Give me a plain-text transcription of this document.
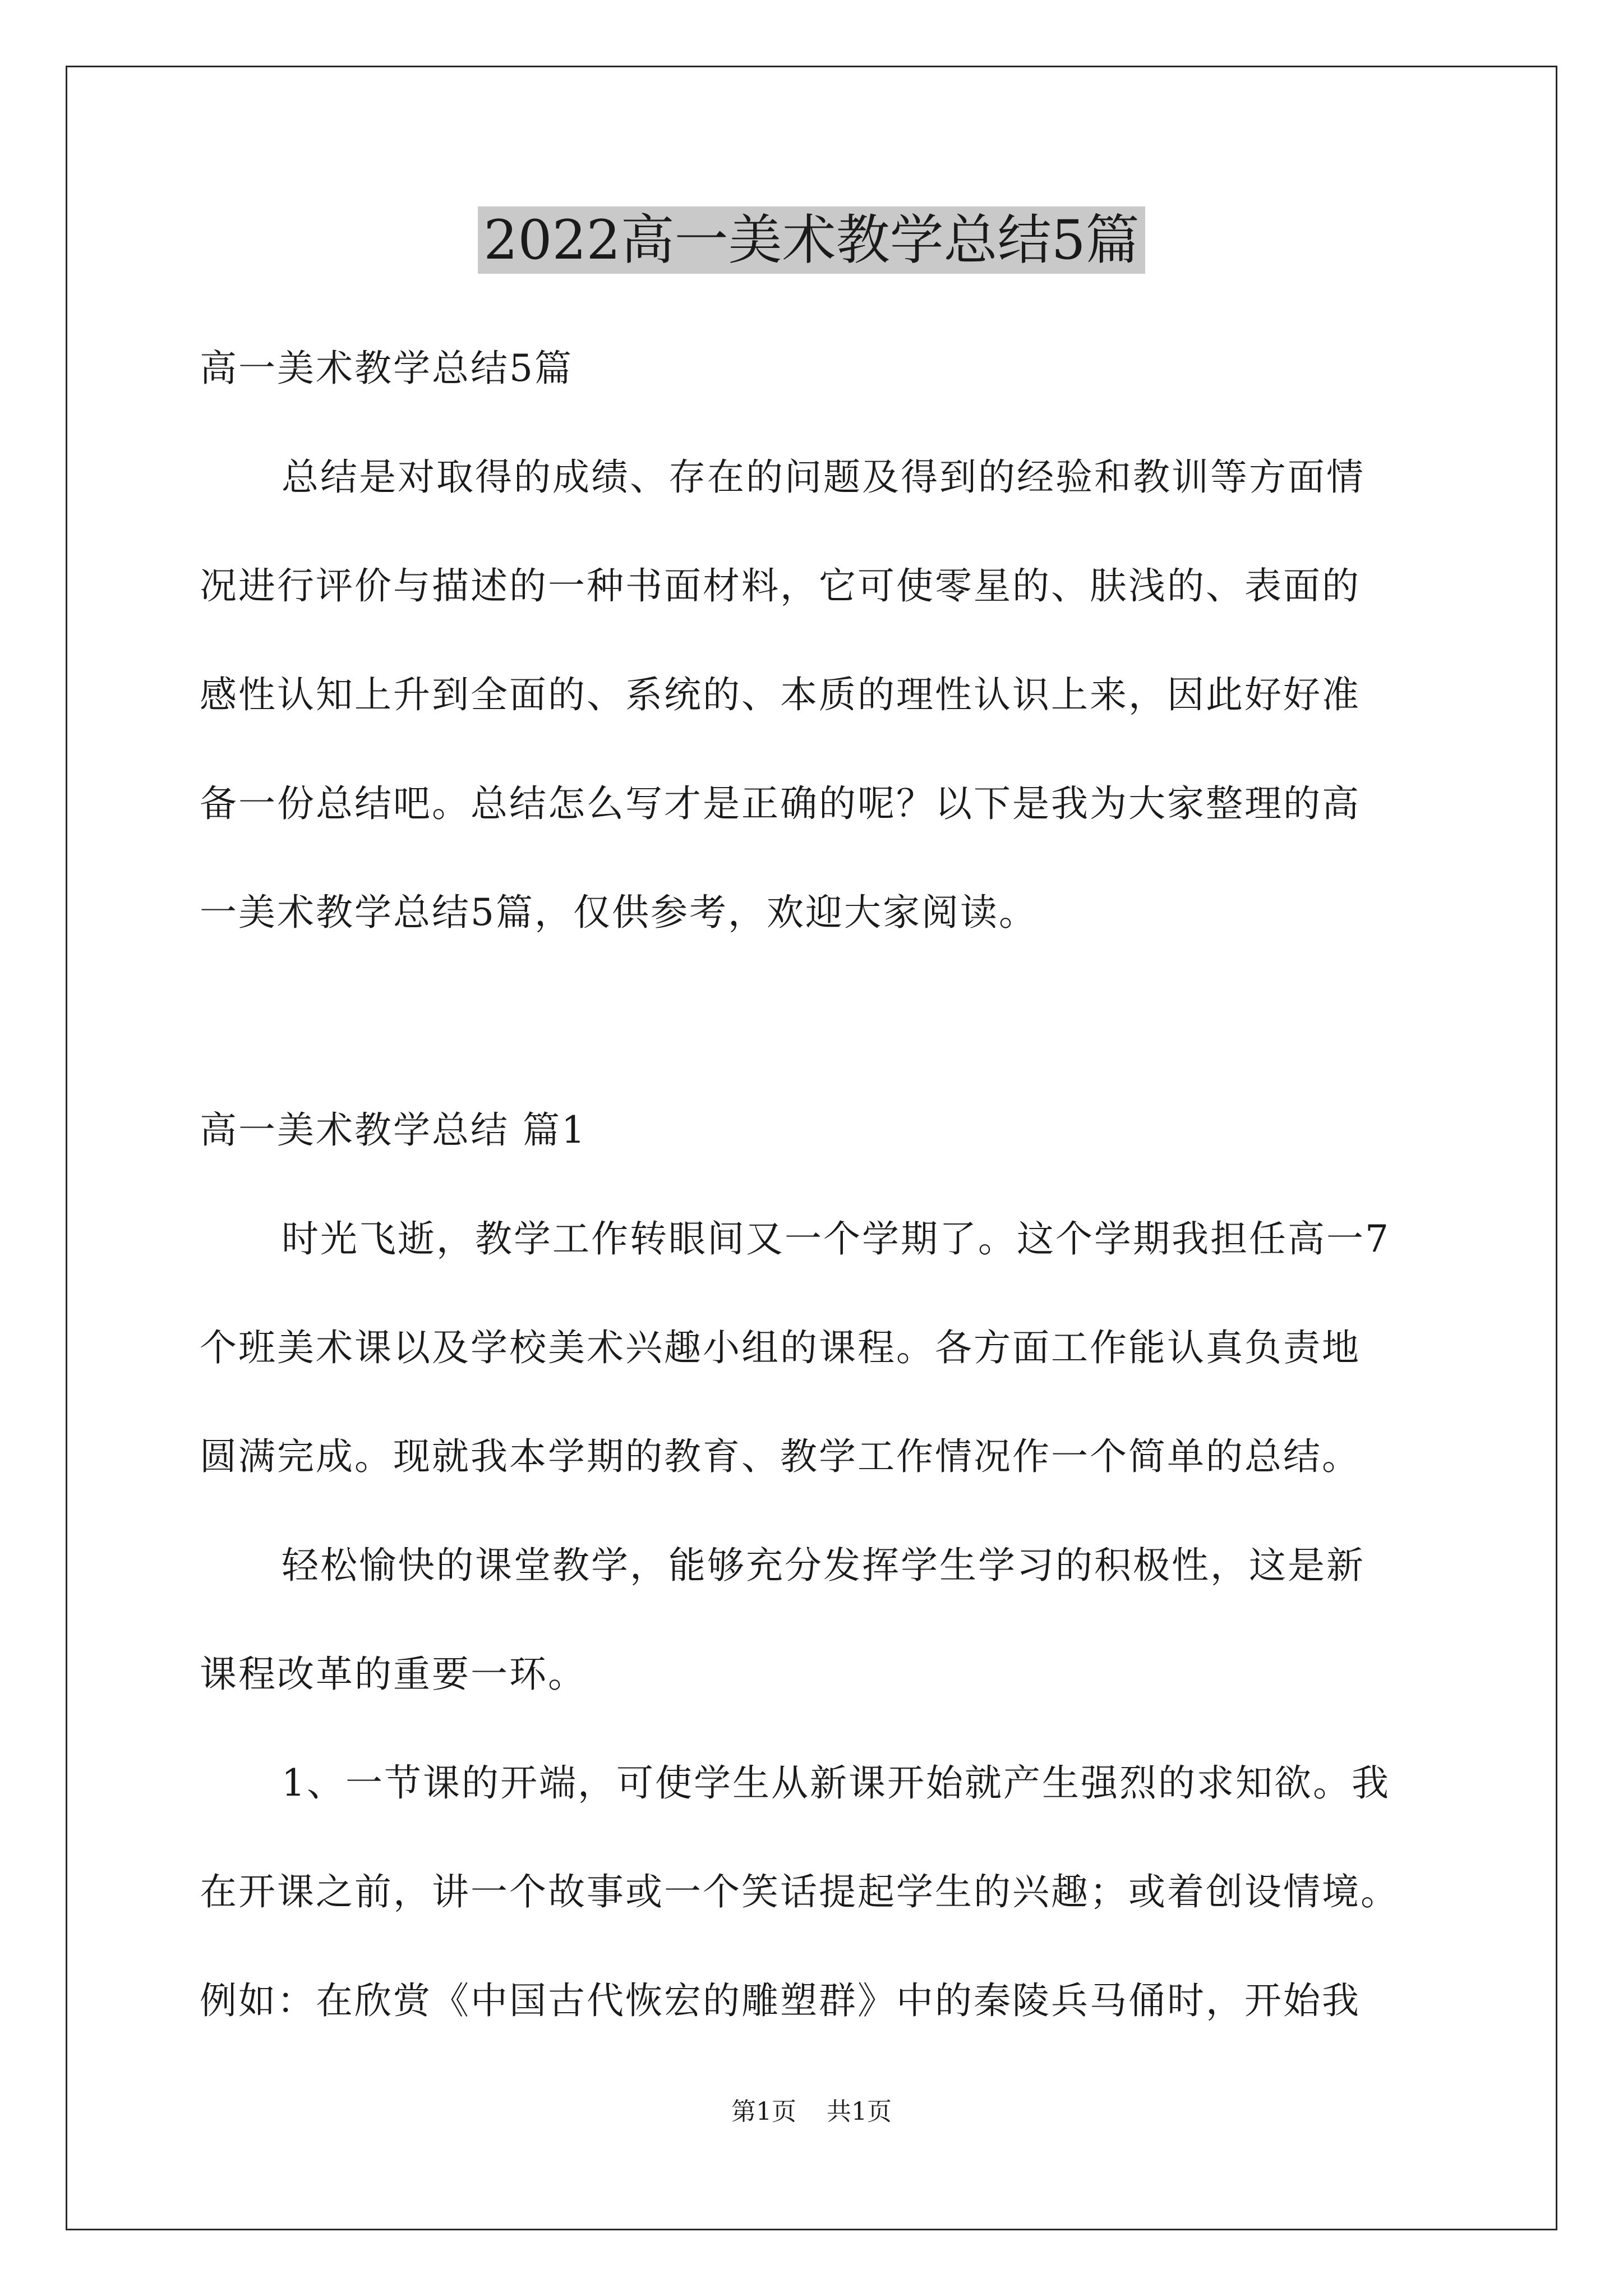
2022高一美术教学总结5篇
高一美术教学总结5篇
总结是对取得的成绩、存在的问题及得到的经验和教训等方面情
况进行评价与描述的一种书面材料，它可使零星的、肤浅的、表面的
感性认知上升到全面的、系统的、本质的理性认识上来，因此好好准
备一份总结吧。总结怎么写才是正确的呢？以下是我为大家整理的高
一美术教学总结5篇，仅供参考，欢迎大家阅读。
高一美术教学总结 篇1
时光飞逝，教学工作转眼间又一个学期了。这个学期我担任高一7
个班美术课以及学校美术兴趣小组的课程。各方面工作能认真负责地
圆满完成。现就我本学期的教育、教学工作情况作一个简单的总结。
轻松愉快的课堂教学，能够充分发挥学生学习的积极性，这是新
课程改革的重要一环。
1、一节课的开端，可使学生从新课开始就产生强烈的求知欲。我
在开课之前，讲一个故事或一个笑话提起学生的兴趣；或着创设情境。
例如：在欣赏《中国古代恢宏的雕塑群》中的秦陵兵马俑时，开始我
第1页 共1页
